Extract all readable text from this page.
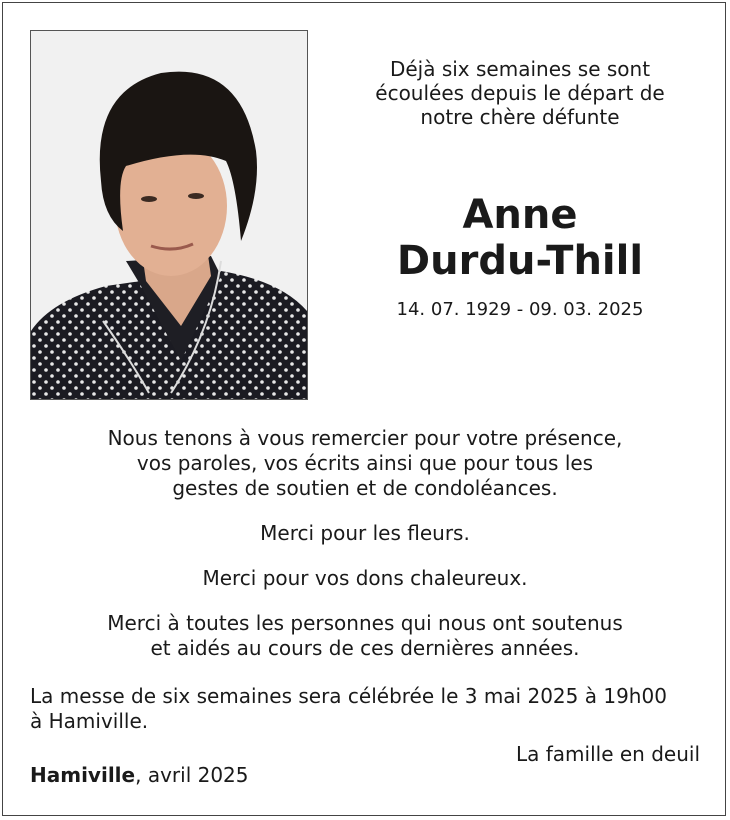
Déjà six semaines se sont
écoulées depuis le départ de
notre chère défunte
Anne
Durdu-Thill
14. 07. 1929 - 09. 03. 2025

Nous tenons à vous remercier pour votre présence,
vos paroles, vos écrits ainsi que pour tous les
gestes de soutien et de condoléances.

Merci pour les fleurs.

Merci pour vos dons chaleureux.

Merci à toutes les personnes qui nous ont soutenus
et aidés au cours de ces dernières années.

La messe de six semaines sera célébrée le 3 mai 2025 à 19h00
à Hamiville.
La famille en deuil
Hamiville, avril 2025
